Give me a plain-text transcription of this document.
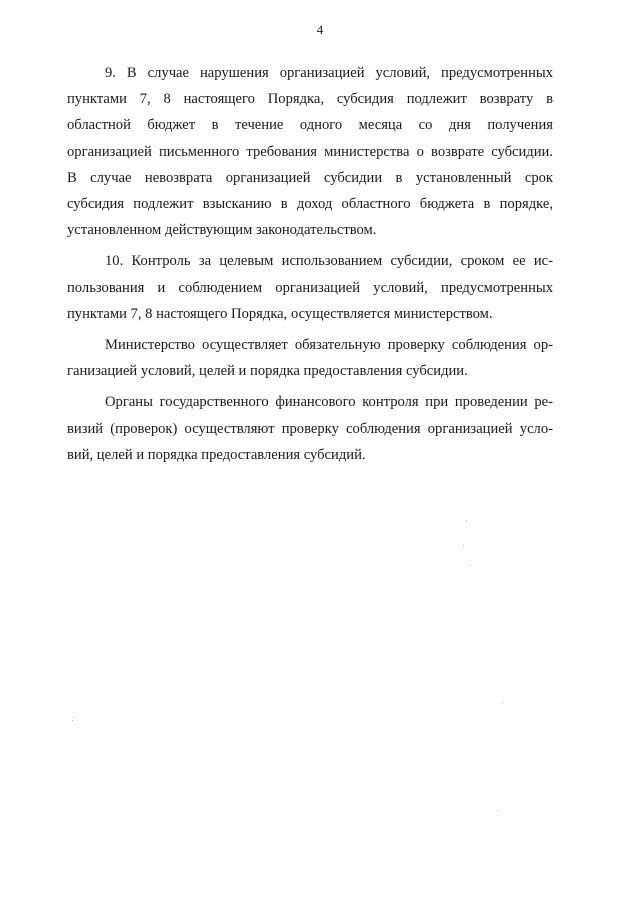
4

9. В случае нарушения организацией условий, предусмотренных
пунктами 7, 8 настоящего Порядка, субсидия подлежит возврату в
областной бюджет в течение одного месяца со дня получения
организацией письменного требования министерства о возврате субсидии.
В случае невозврата организацией субсидии в установленный срок
субсидия подлежит взысканию в доход областного бюджета в порядке,
установленном действующим законодательством.

10. Контроль за целевым использованием субсидии, сроком ее ис-
пользования и соблюдением организацией условий, предусмотренных
пунктами 7, 8 настоящего Порядка, осуществляется министерством.

Министерство осуществляет обязательную проверку соблюдения ор-
ганизацией условий, целей и порядка предоставления субсидии.

Органы государственного финансового контроля при проведении ре-
визий (проверок) осуществляют проверку соблюдения организацией усло-
вий, целей и порядка предоставления субсидий.
